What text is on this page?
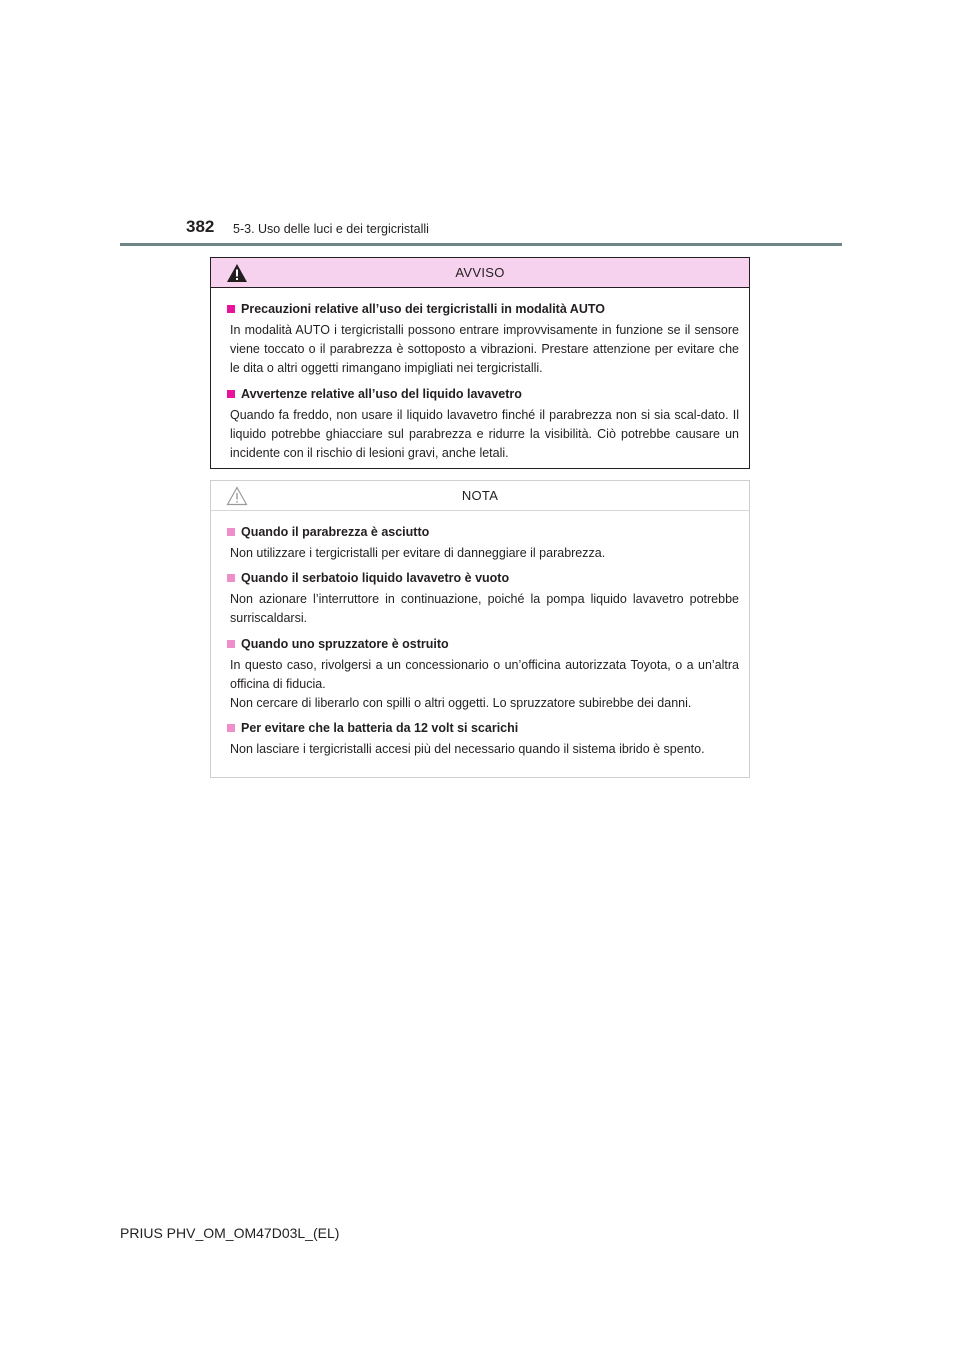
382 5-3. Uso delle luci e dei tergicristalli
AVVISO
Precauzioni relative all’uso dei tergicristalli in modalità AUTO
In modalità AUTO i tergicristalli possono entrare improvvisamente in funzione se il sensore viene toccato o il parabrezza è sottoposto a vibrazioni. Prestare attenzione per evitare che le dita o altri oggetti rimangano impigliati nei tergicristalli.
Avvertenze relative all’uso del liquido lavavetro
Quando fa freddo, non usare il liquido lavavetro finché il parabrezza non si sia scal-dato. Il liquido potrebbe ghiacciare sul parabrezza e ridurre la visibilità. Ciò potrebbe causare un incidente con il rischio di lesioni gravi, anche letali.
NOTA
Quando il parabrezza è asciutto
Non utilizzare i tergicristalli per evitare di danneggiare il parabrezza.
Quando il serbatoio liquido lavavetro è vuoto
Non azionare l’interruttore in continuazione, poiché la pompa liquido lavavetro potrebbe surriscaldarsi.
Quando uno spruzzatore è ostruito
In questo caso, rivolgersi a un concessionario o un’officina autorizzata Toyota, o a un’altra officina di fiducia.
Non cercare di liberarlo con spilli o altri oggetti. Lo spruzzatore subirebbe dei danni.
Per evitare che la batteria da 12 volt si scarichi
Non lasciare i tergicristalli accesi più del necessario quando il sistema ibrido è spento.
PRIUS PHV_OM_OM47D03L_(EL)
